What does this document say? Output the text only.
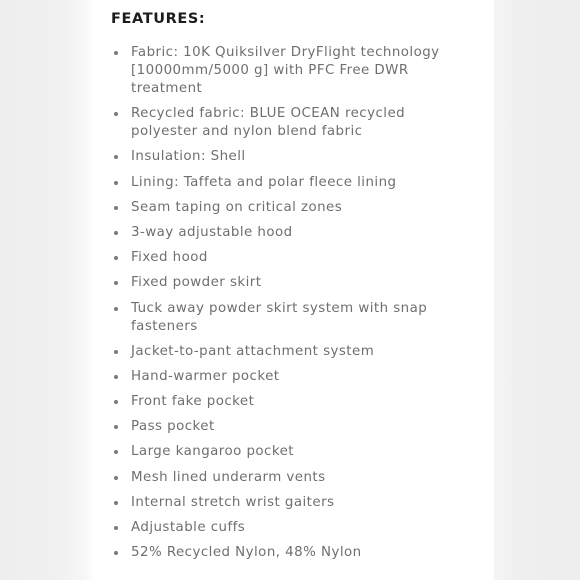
FEATURES:
Fabric: 10K Quiksilver DryFlight technology [10000mm/5000 g] with PFC Free DWR treatment
Recycled fabric: BLUE OCEAN recycled polyester and nylon blend fabric
Insulation: Shell
Lining: Taffeta and polar fleece lining
Seam taping on critical zones
3-way adjustable hood
Fixed hood
Fixed powder skirt
Tuck away powder skirt system with snap fasteners
Jacket-to-pant attachment system
Hand-warmer pocket
Front fake pocket
Pass pocket
Large kangaroo pocket
Mesh lined underarm vents
Internal stretch wrist gaiters
Adjustable cuffs
52% Recycled Nylon, 48% Nylon
